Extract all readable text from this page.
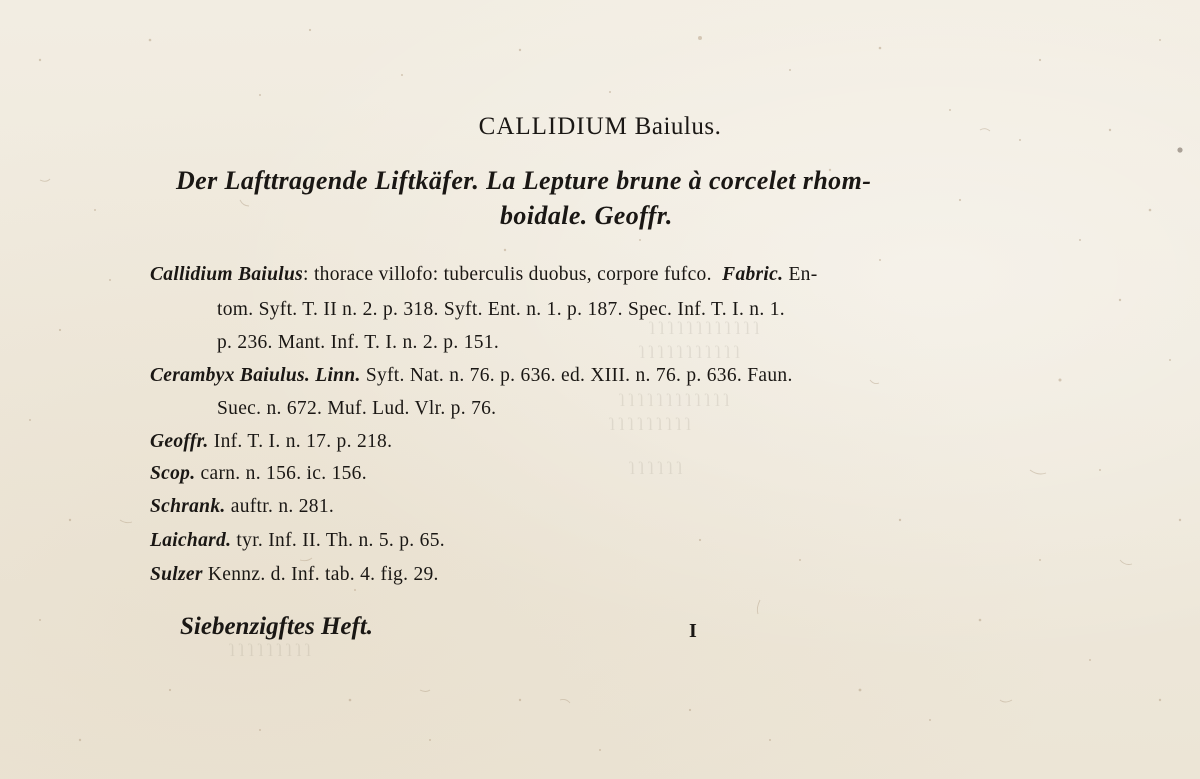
ſ ſ ſ ſ ſ ſ ſ ſ ſ ſ ſ ſ
ſ ſ ſ ſ ſ ſ ſ ſ ſ ſ ſ
ſ ſ ſ ſ ſ ſ ſ ſ ſ ſ ſ ſ
ſ ſ ſ ſ ſ ſ ſ ſ ſ
ſ ſ ſ ſ ſ ſ
ſ ſ ſ ſ ſ ſ ſ ſ ſ
CALLIDIUM Baiulus.
Der Lafttragende Liftkäfer. La Lepture brune à corcelet rhom-
boidale. Geoffr.
Callidium Baiulus: thorace villofo: tuberculis duobus, corpore fufco. Fabric. En-
tom. Syft. T. II n. 2. p. 318. Syft. Ent. n. 1. p. 187. Spec. Inf. T. I. n. 1.
p. 236. Mant. Inf. T. I. n. 2. p. 151.
Cerambyx Baiulus. Linn. Syft. Nat. n. 76. p. 636. ed. XIII. n. 76. p. 636. Faun.
Suec. n. 672. Muf. Lud. Vlr. p. 76.
Geoffr. Inf. T. I. n. 17. p. 218.
Scop. carn. n. 156. ic. 156.
Schrank. auftr. n. 281.
Laichard. tyr. Inf. II. Th. n. 5. p. 65.
Sulzer Kennz. d. Inf. tab. 4. fig. 29.
Siebenzigftes Heft.	I
